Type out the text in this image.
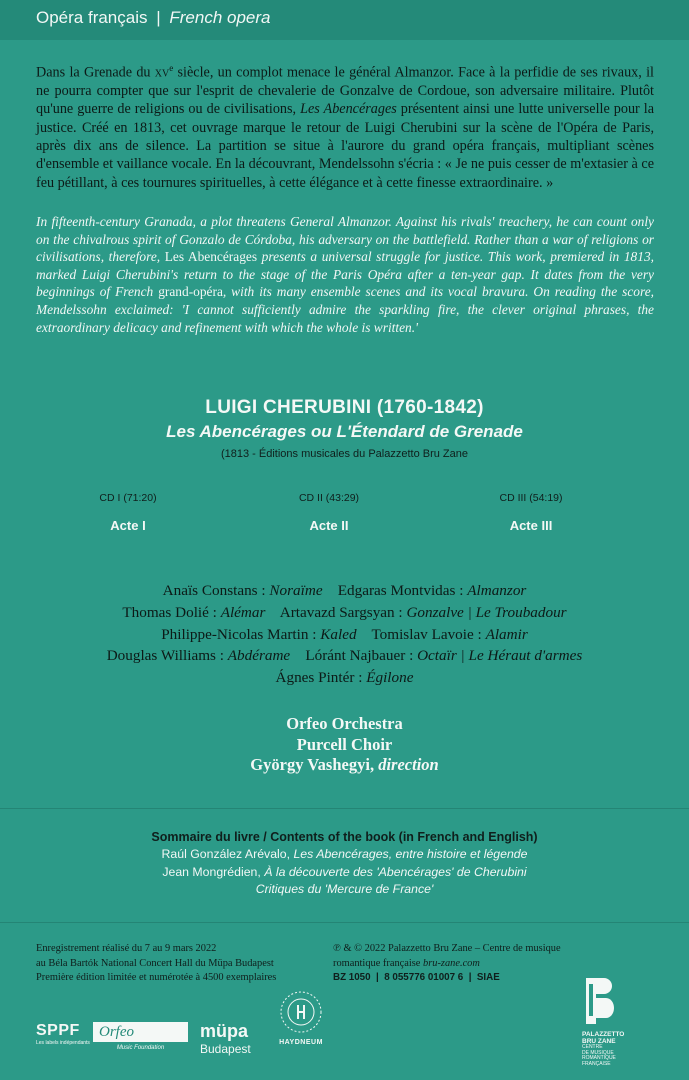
Opéra français | French opera
Dans la Grenade du $xv^e$ siècle, un complot menace le général Almanzor. Face à la perfidie de ses rivaux, il ne pourra compter que sur l'esprit de chevalerie de Gonzalve de Cordoue, son adversaire militaire. Plutôt qu'une guerre de religions ou de civilisations, Les Abencérages présentent ainsi une lutte universelle pour la justice. Créé en 1813, cet ouvrage marque le retour de Luigi Cherubini sur la scène de l'Opéra de Paris, après dix ans de silence. La partition se situe à l'aurore du grand opéra français, multipliant scènes d'ensemble et vaillance vocale. En la découvrant, Mendelssohn s'écria : « Je ne puis cesser de m'extasier à ce feu pétillant, à ces tournures spirituelles, à cette élégance et à cette finesse extraordinaire. »
In fifteenth-century Granada, a plot threatens General Almanzor. Against his rivals' treachery, he can count only on the chivalrous spirit of Gonzalo de Córdoba, his adversary on the battlefield. Rather than a war of religions or civilisations, therefore, Les Abencérages presents a universal struggle for justice. This work, premiered in 1813, marked Luigi Cherubini's return to the stage of the Paris Opéra after a ten-year gap. It dates from the very beginnings of French grand-opéra, with its many ensemble scenes and its vocal bravura. On reading the score, Mendelssohn exclaimed: 'I cannot sufficiently admire the sparkling fire, the clever original phrases, the extraordinary delicacy and refinement with which the whole is written.'
LUIGI CHERUBINI (1760-1842)
Les Abencérages ou L'Étendard de Grenade
(1813 - Éditions musicales du Palazzetto Bru Zane
CD I (71:20)
Acte I
CD II (43:29)
Acte II
CD III (54:19)
Acte III
Anaïs Constans : Noraïme Edgaras Montvidas : Almanzor
Thomas Dolié : Alémar Artavazd Sargsyan : Gonzalve | Le Troubadour
Philippe-Nicolas Martin : Kaled Tomislav Lavoie : Alamir
Douglas Williams : Abdérame Lóránt Najbauer : Octaïr | Le Héraut d'armes
Ágnes Pintér : Égilone
Orfeo Orchestra
Purcell Choir
György Vashegyi, direction
Sommaire du livre / Contents of the book (in French and English)
Raúl González Arévalo, Les Abencérages, entre histoire et légende
Jean Mongrédien, À la découverte des 'Abencérages' de Cherubini
Critiques du 'Mercure de France'
Enregistrement réalisé du 7 au 9 mars 2022
au Béla Bartók National Concert Hall du Müpa Budapest
Première édition limitée et numérotée à 4500 exemplaires
℗ & © 2022 Palazzetto Bru Zane – Centre de musique
romantique française bru-zane.com
BZ 1050 | 8 055776 01007 6 | SIAE
SPPF
Les labels indépendants
Orfeo
Music Foundation
müpa
Budapest	HAYDNEUM
PALAZZETTO
BRU ZANE
CENTRE
DE MUSIQUE
ROMANTIQUE
FRANÇAISE
